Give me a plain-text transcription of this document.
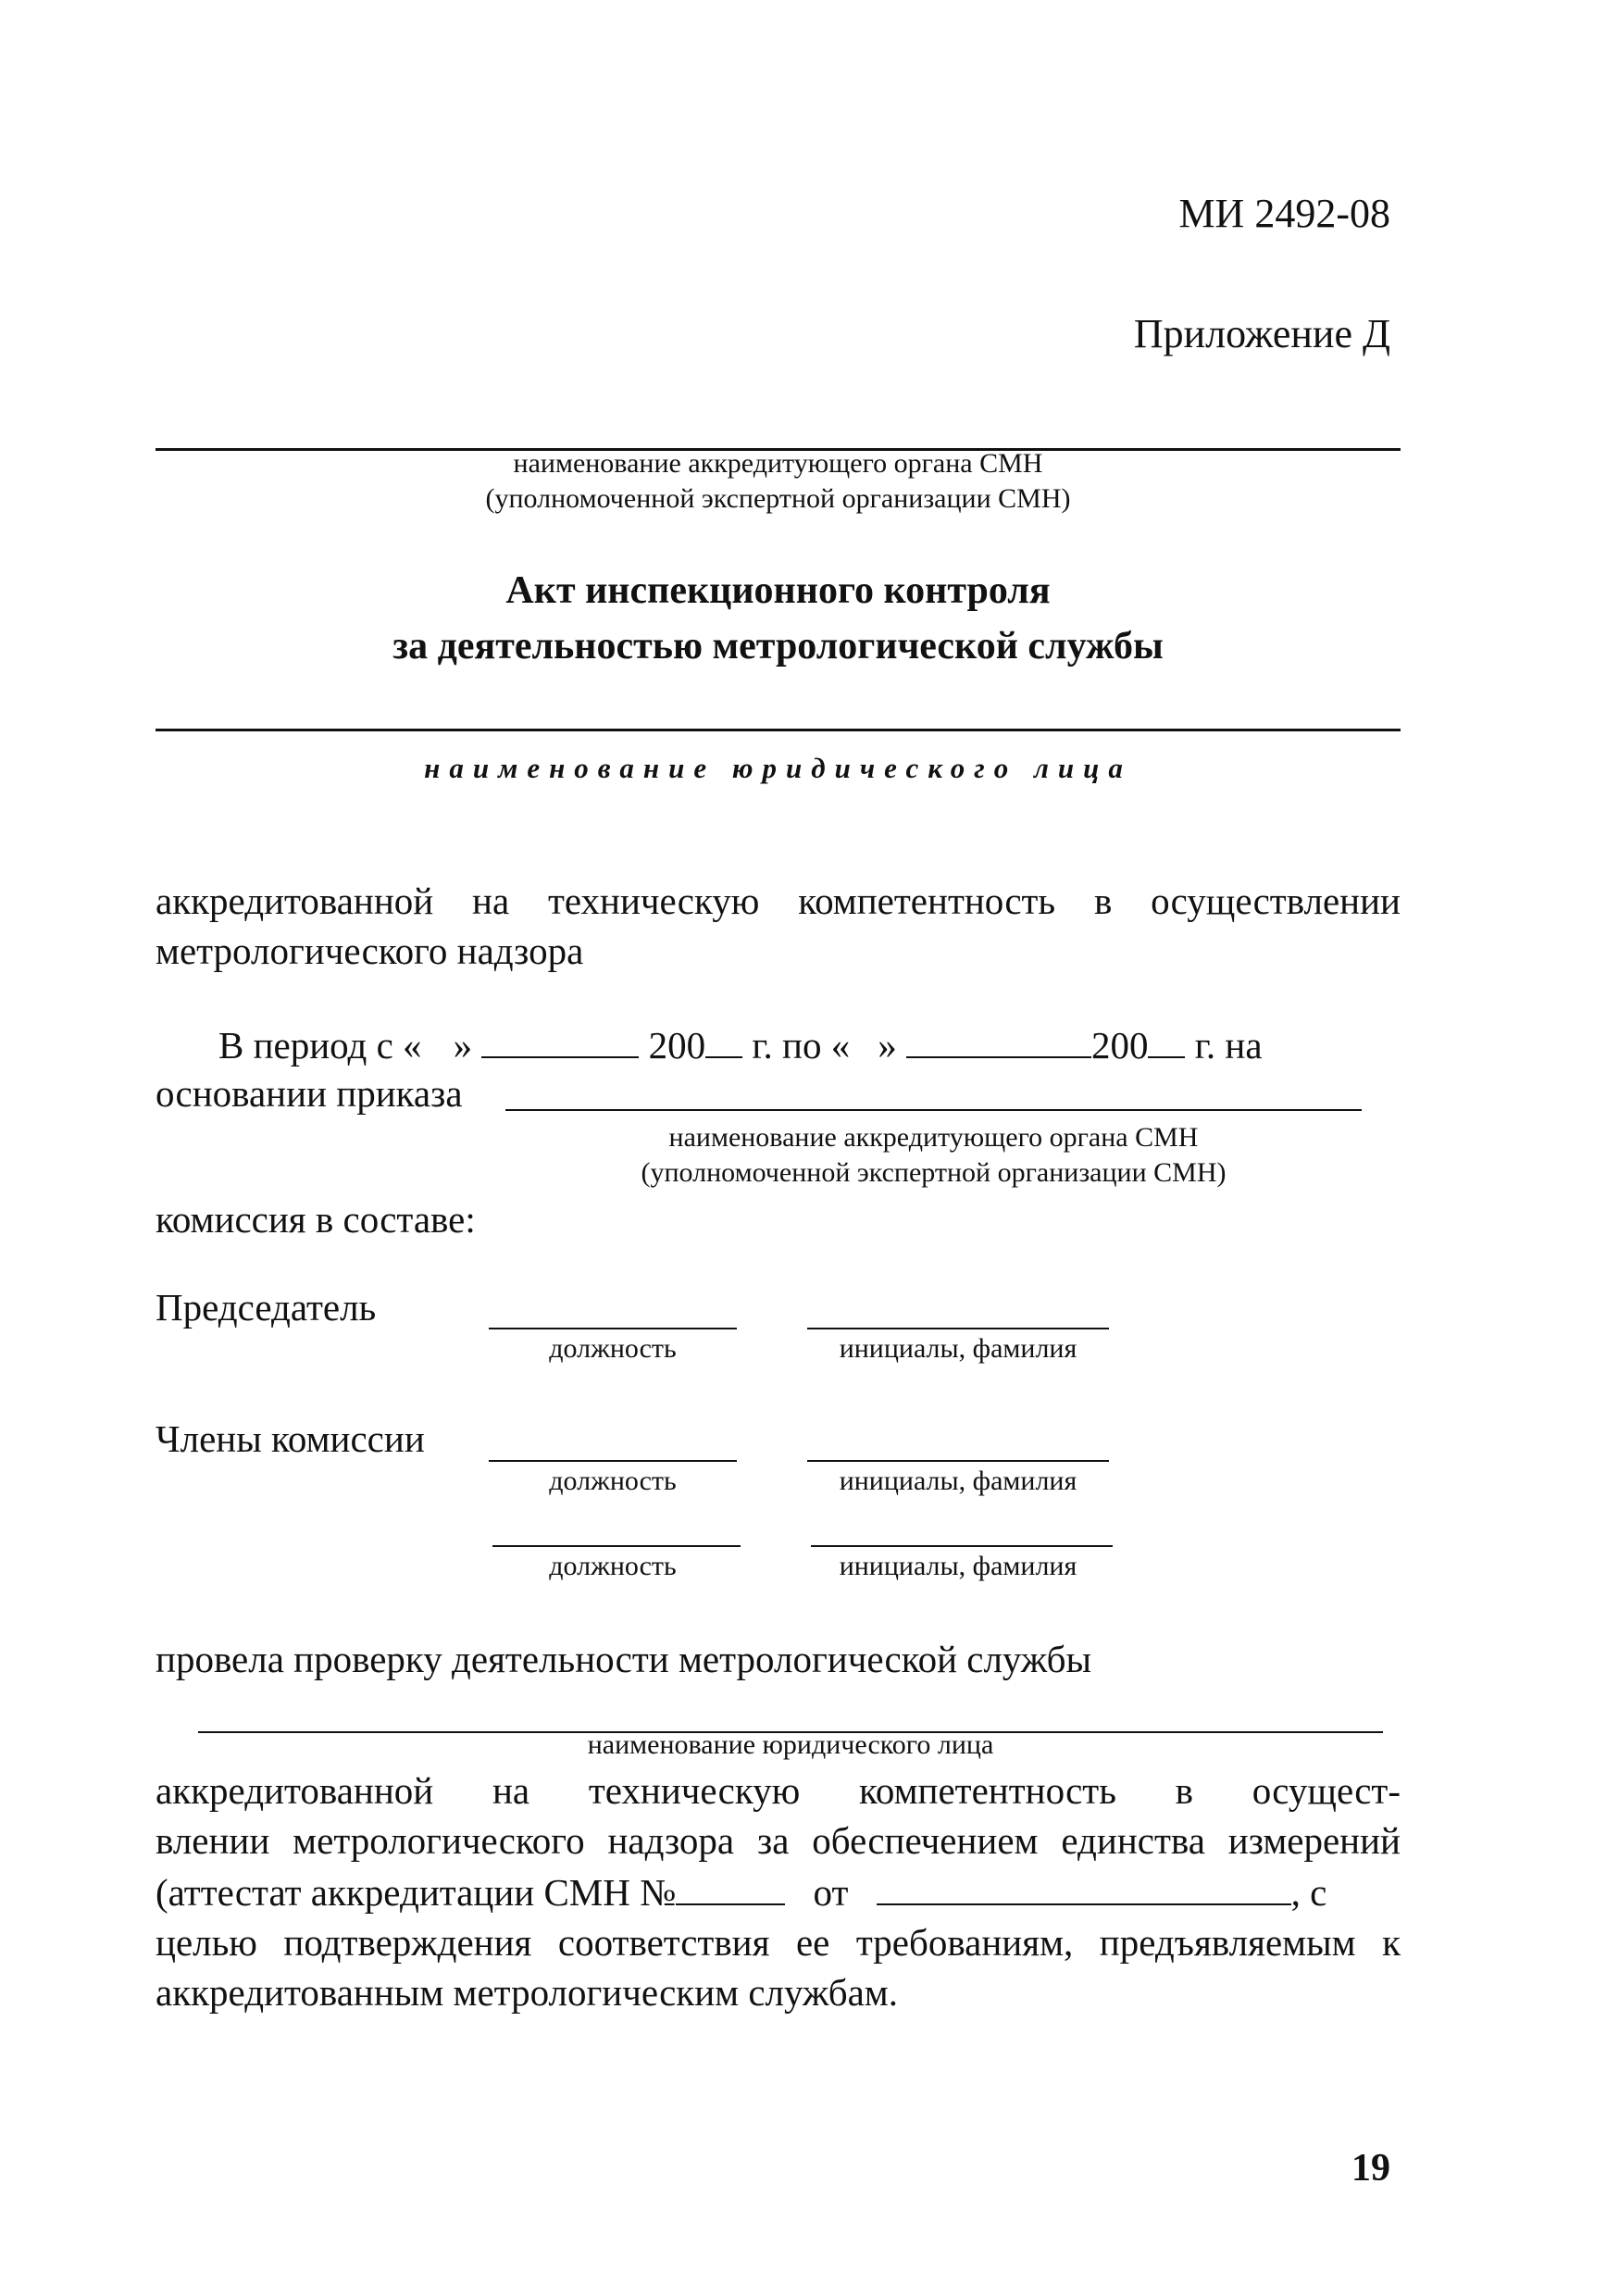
МИ 2492-08
Приложение Д
наименование аккредитующего органа СМН
(уполномоченной экспертной организации СМН)
Акт инспекционного контроля
за деятельностью метрологической службы
наименование юридического лица
аккредитованной на техническую компетентность в осуществлении
метрологического надзора
В период с « »	200 г. по « »	200 г. на
основании приказа
наименование аккредитующего органа СМН
(уполномоченной экспертной организации СМН)
комиссия в составе:
Председатель
должность	инициалы, фамилия
Члены комиссии
должность	инициалы, фамилия
должность	инициалы, фамилия
провела проверку деятельности метрологической службы
наименование юридического лица
аккредитованной на техническую компетентность в осущест-
влении метрологического надзора за обеспечением единства измерений
(аттестат аккредитации СМН №	от	, с
целью подтверждения соответствия ее требованиям, предъявляемым к
аккредитованным метрологическим службам.
19
